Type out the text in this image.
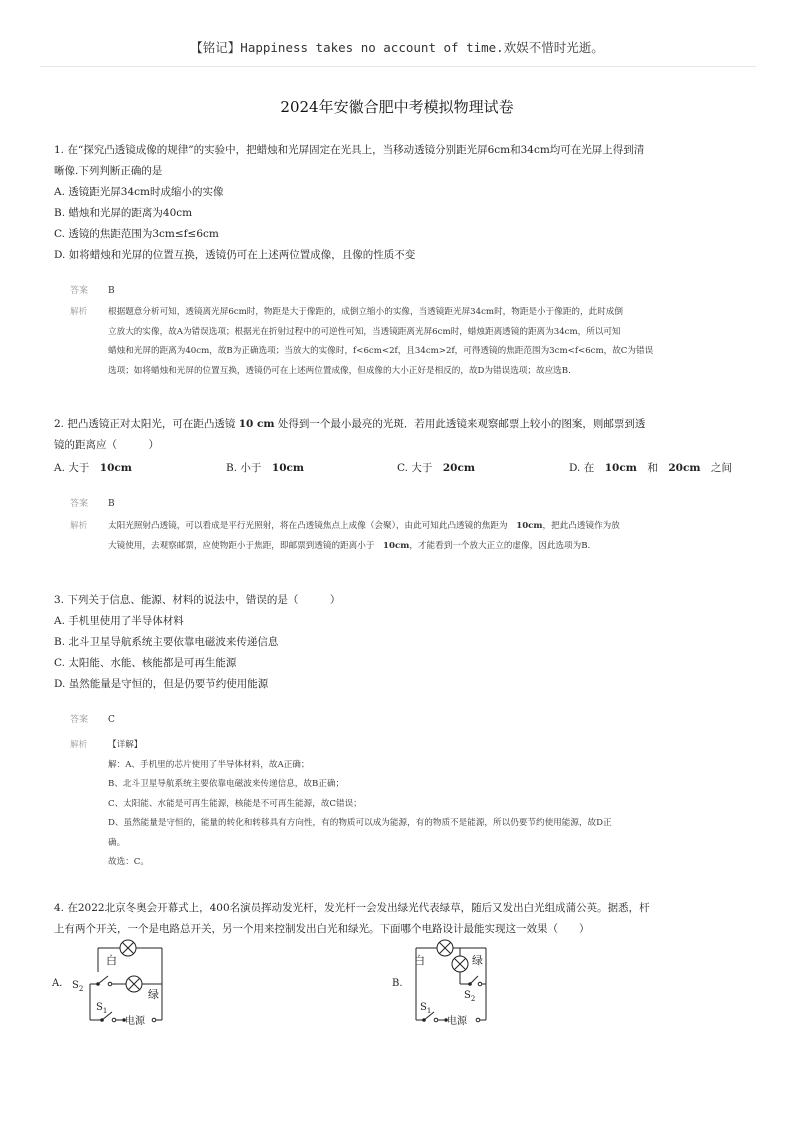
【铭记】Happiness takes no account of time.欢娱不惜时光逝。
2024年安徽合肥中考模拟物理试卷
1. 在“探究凸透镜成像的规律”的实验中，把蜡烛和光屏固定在光具上，当移动透镜分别距光屏6cm和34cm均可在光屏上得到清
晰像.下列判断正确的是
A. 透镜距光屏34cm时成缩小的实像
B. 蜡烛和光屏的距离为40cm
C. 透镜的焦距范围为3cm≤f≤6cm
D. 如将蜡烛和光屏的位置互换，透镜仍可在上述两位置成像，且像的性质不变
答案 B
解析	根据题意分析可知，透镜离光屏6cm时，物距是大于像距的，成倒立缩小的实像，当透镜距光屏34cm时，物距是小于像距的，此时成倒
立放大的实像，故A为错误选项；根据光在折射过程中的可逆性可知，当透镜距离光屏6cm时，蜡烛距离透镜的距离为34cm，所以可知
蜡烛和光屏的距离为40cm，故B为正确选项；当放大的实像时，f<6cm<2f，且34cm>2f，可得透镜的焦距范围为3cm<f<6cm，故C为错误
选项；如将蜡烛和光屏的位置互换，透镜仍可在上述两位置成像，但成像的大小正好是相反的，故D为错误选项；故应选B.
2. 把凸透镜正对太阳光，可在距凸透镜 10 cm 处得到一个最小最亮的光斑．若用此透镜来观察邮票上较小的图案，则邮票到透
镜的距离应（　　　）
A. 大于　 10cm	B. 小于　 10cm	C. 大于　 20cm	D. 在　 10cm　 和　 20cm　 之间
答案 B
解析	太阳光照射凸透镜，可以看成是平行光照射，将在凸透镜焦点上成像（会聚），由此可知此凸透镜的焦距为　 10cm，把此凸透镜作为放
大镜使用，去观察邮票，应使物距小于焦距，即邮票到透镜的距离小于　 10cm，才能看到一个放大正立的虚像，因此选项为B.
3. 下列关于信息、能源、材料的说法中，错误的是（　　　）
A. 手机里使用了半导体材料
B. 北斗卫星导航系统主要依靠电磁波来传递信息
C. 太阳能、水能、核能都是可再生能源
D. 虽然能量是守恒的，但是仍要节约使用能源
答案 C
解析	【详解】
解：A、手机里的芯片使用了半导体材料，故A正确；
B、北斗卫星导航系统主要依靠电磁波来传递信息，故B正确；
C、太阳能、水能是可再生能源，核能是不可再生能源，故C错误；
D、虽然能量是守恒的，能量的转化和转移具有方向性，有的物质可以成为能源，有的物质不是能源，所以仍要节约使用能源，故D正
确。
故选：C。
4. 在2022北京冬奥会开幕式上，400名演员挥动发光杆，发光杆一会发出绿光代表绿草，随后又发出白光组成蒲公英。据悉，杆
上有两个开关，一个是电路总开关，另一个用来控制发出白光和绿光。下面哪个电路设计最能实现这一效果（　　）
A.
白
绿
$S_2$
$S_1$
电源
B.
白	绿
$S_2$
$S_1$
电源
